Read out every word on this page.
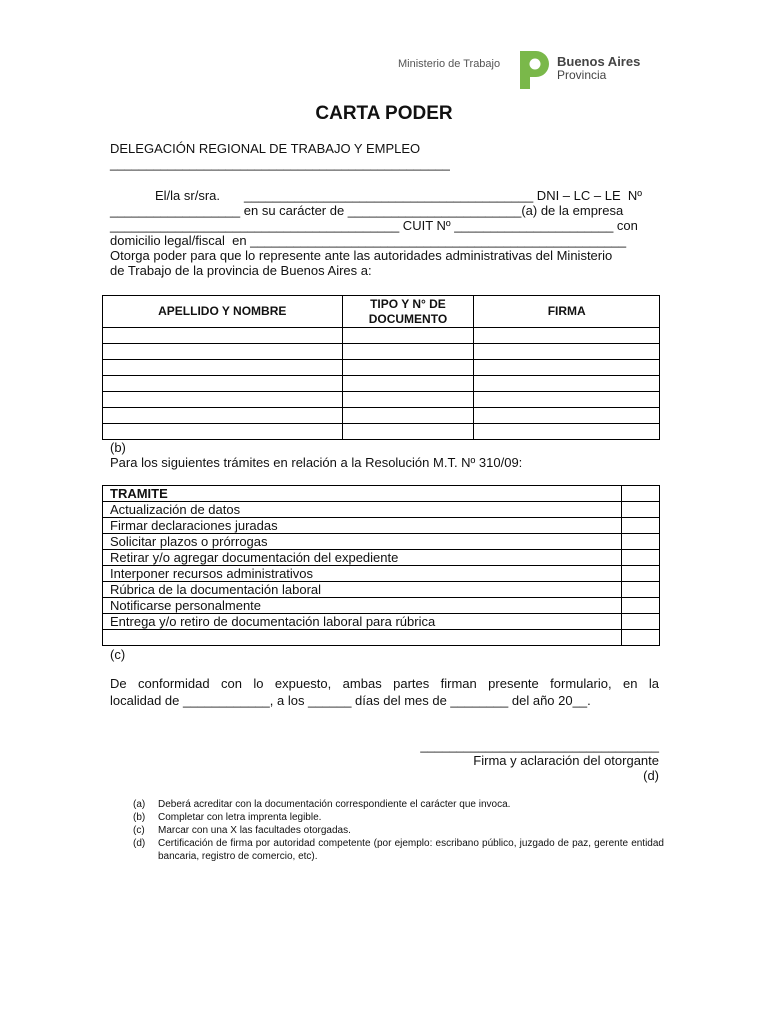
Ministerio de Trabajo	Buenos Aires
Provincia
CARTA PODER
DELEGACIÓN REGIONAL DE TRABAJO Y EMPLEO
_______________________________________________
El/la sr/sra. ________________________________________ DNI – LC – LE  Nº
__________________ en su carácter de ________________________(a) de la empresa
________________________________________ CUIT Nº ______________________ con
domicilio legal/fiscal  en ____________________________________________________
Otorga poder para que lo represente ante las autoridades administrativas del Ministerio
de Trabajo de la provincia de Buenos Aires a:
APELLIDO Y NOMBRE	TIPO Y N° DE DOCUMENTO	FIRMA

(b)
Para los siguientes trámites en relación a la Resolución M.T. Nº 310/09:
TRAMITE	
Actualización de datos	
Firmar declaraciones juradas	
Solicitar plazos o prórrogas	
Retirar y/o agregar documentación del expediente	
Interponer recursos administrativos	
Rúbrica de la documentación laboral	
Notificarse personalmente	
Entrega y/o retiro de documentación laboral para rúbrica	

(c)
De conformidad con lo expuesto, ambas partes firman presente formulario, en la
localidad de ____________, a los ______ días del mes de ________ del año 20__.
_________________________________
Firma y aclaración del otorgante
(d)
(a) Deberá acreditar con la documentación correspondiente el carácter que invoca.
(b) Completar con letra imprenta legible.
(c) Marcar con una X las facultades otorgadas.
(d) Certificación de firma por autoridad competente (por ejemplo: escribano público, juzgado de paz, gerente entidad bancaria, registro de comercio, etc).
